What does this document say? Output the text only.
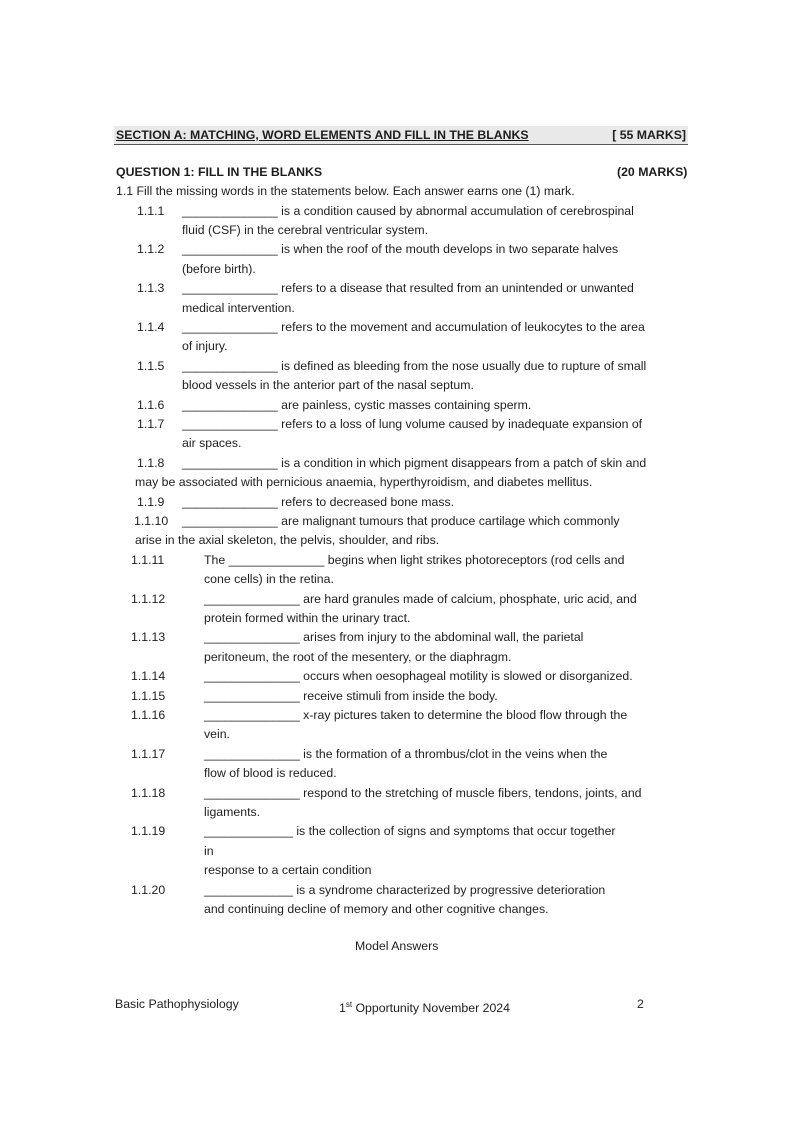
SECTION A: MATCHING, WORD ELEMENTS AND FILL IN THE BLANKS	[ 55 MARKS]
QUESTION 1: FILL IN THE BLANKS	(20 MARKS)
1.1 Fill the missing words in the statements below. Each answer earns one (1) mark.
1.1.1 ______________ is a condition caused by abnormal accumulation of cerebrospinal
fluid (CSF) in the cerebral ventricular system.
1.1.2 ______________ is when the roof of the mouth develops in two separate halves
(before birth).
1.1.3 ______________ refers to a disease that resulted from an unintended or unwanted
medical intervention.
1.1.4 ______________ refers to the movement and accumulation of leukocytes to the area
of injury.
1.1.5 ______________ is defined as bleeding from the nose usually due to rupture of small
blood vessels in the anterior part of the nasal septum.
1.1.6 ______________ are painless, cystic masses containing sperm.
1.1.7 ______________ refers to a loss of lung volume caused by inadequate expansion of
air spaces.
1.1.8 ______________ is a condition in which pigment disappears from a patch of skin and
may be associated with pernicious anaemia, hyperthyroidism, and diabetes mellitus.
1.1.9 ______________ refers to decreased bone mass.
1.1.10 ______________ are malignant tumours that produce cartilage which commonly
arise in the axial skeleton, the pelvis, shoulder, and ribs.
1.1.11	The ______________ begins when light strikes photoreceptors (rod cells and
cone cells) in the retina.
1.1.12	______________ are hard granules made of calcium, phosphate, uric acid, and
protein formed within the urinary tract.
1.1.13	______________ arises from injury to the abdominal wall, the parietal
peritoneum, the root of the mesentery, or the diaphragm.
1.1.14	______________ occurs when oesophageal motility is slowed or disorganized.
1.1.15	______________ receive stimuli from inside the body.
1.1.16	______________ x-ray pictures taken to determine the blood flow through the
vein.
1.1.17	______________ is the formation of a thrombus/clot in the veins when the
flow of blood is reduced.
1.1.18	______________ respond to the stretching of muscle fibers, tendons, joints, and
ligaments.
1.1.19	_____________ is the collection of signs and symptoms that occur together
in
response to a certain condition
1.1.20	_____________ is a syndrome characterized by progressive deterioration
and continuing decline of memory and other cognitive changes.
Model Answers
Basic Pathophysiology	1st Opportunity November 2024	2
